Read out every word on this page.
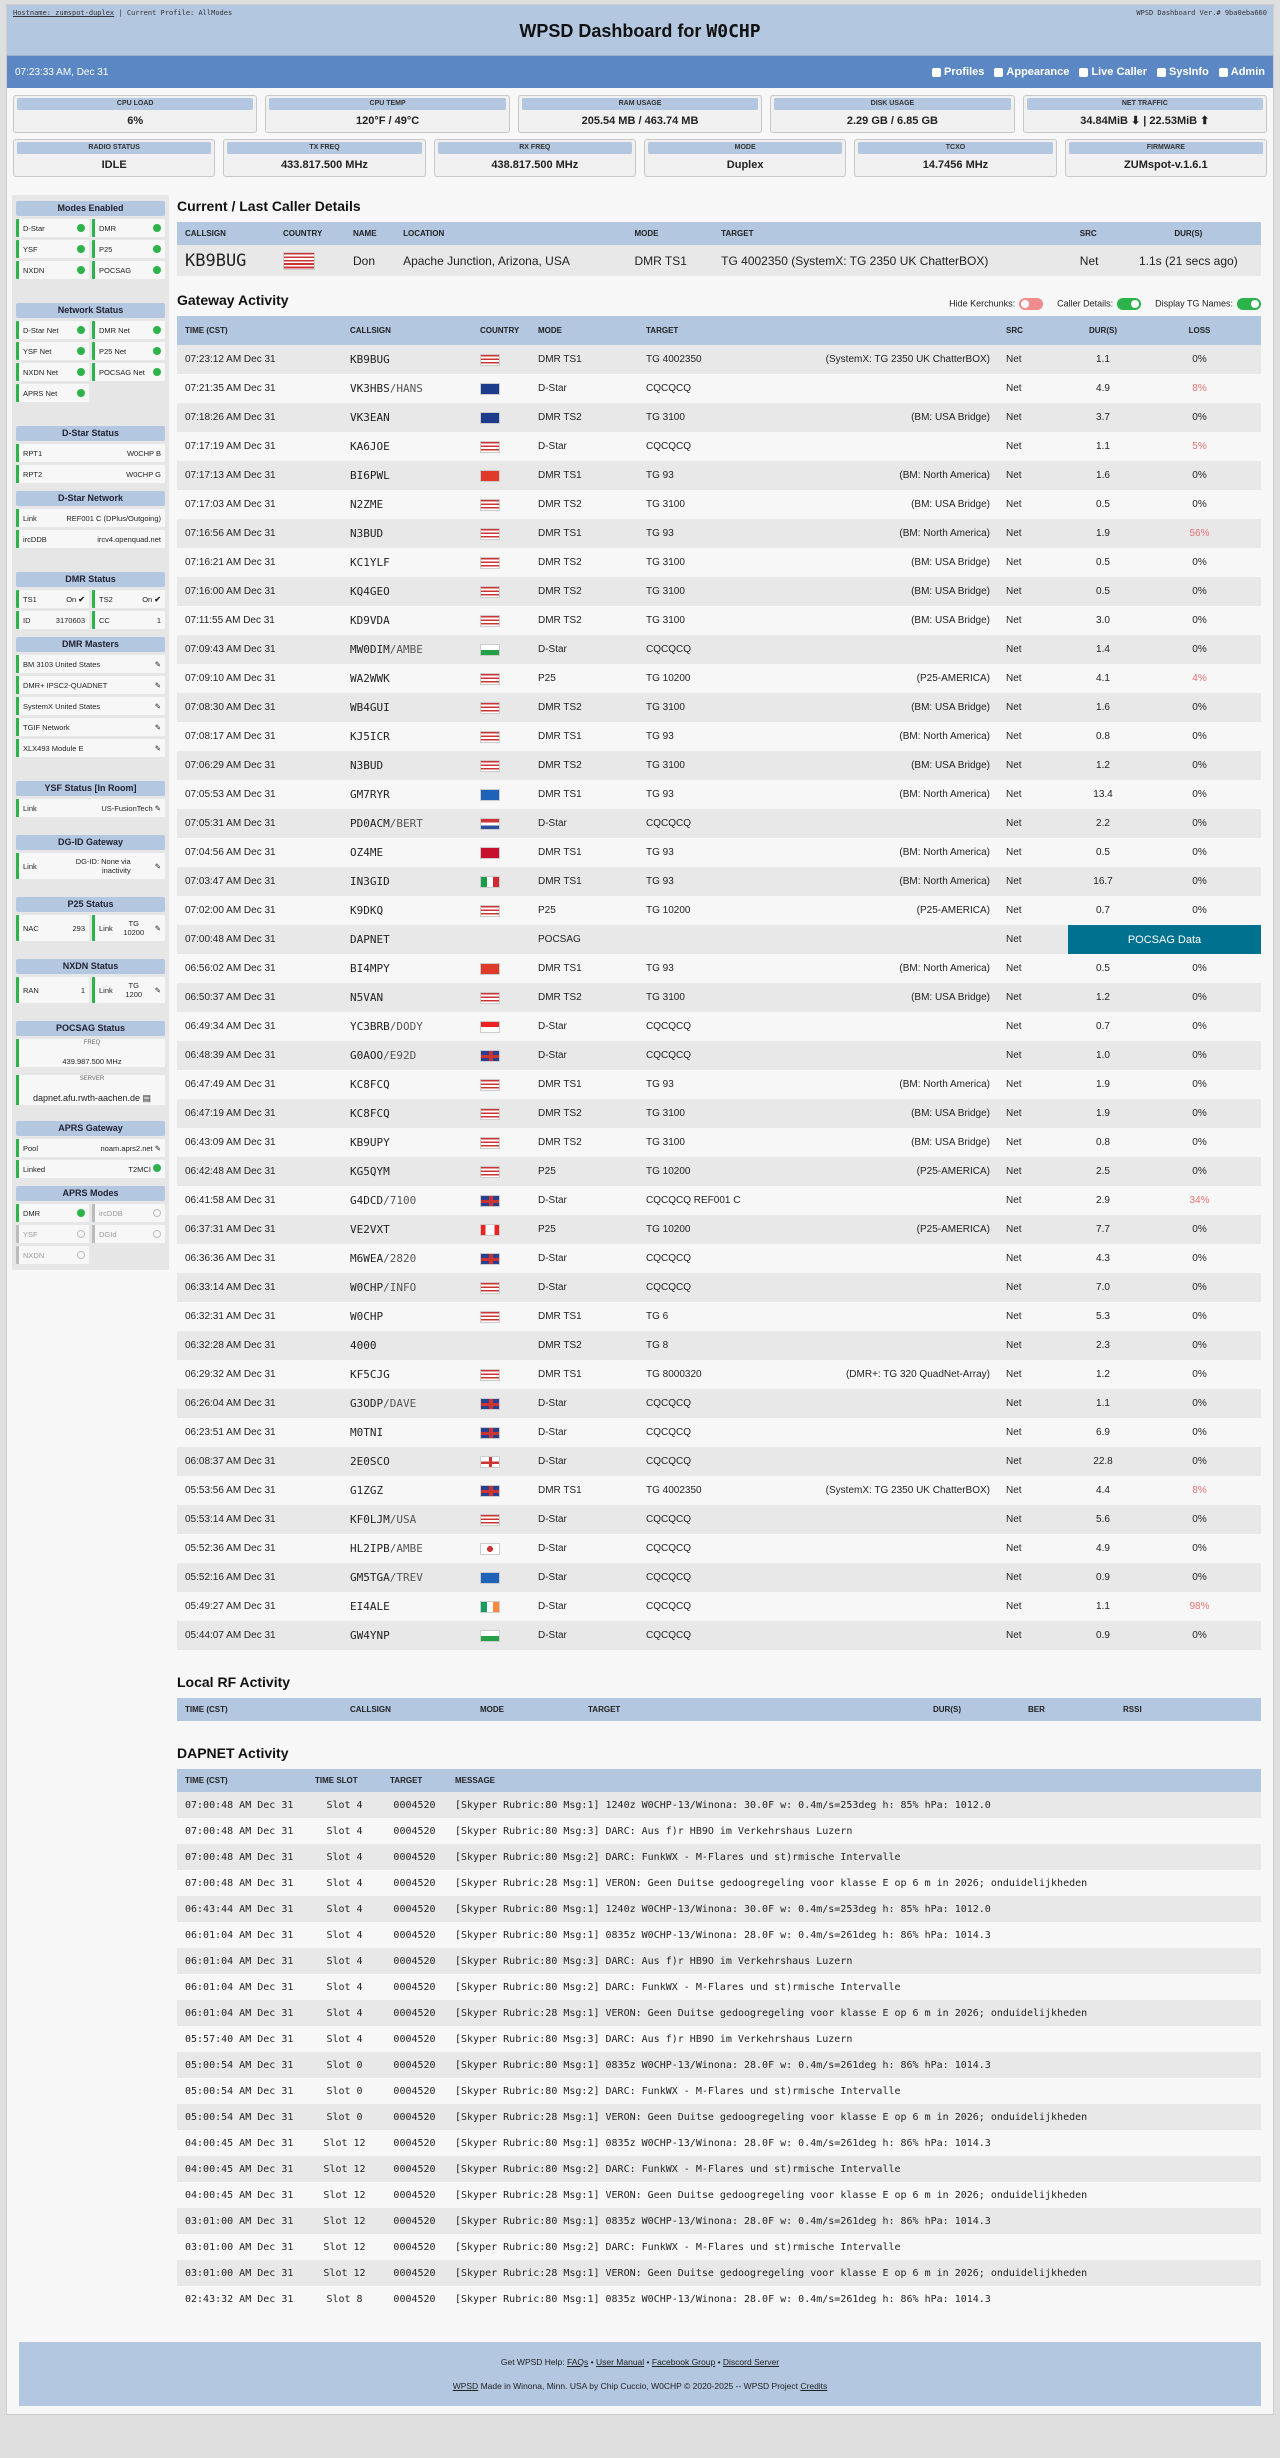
Hostname: zumspot-duplex | Current Profile: AllModes	WPSD Dashboard Ver.# 9ba0eba660
WPSD Dashboard for W0CHP
07:23:33 AM, Dec 31	Profiles Appearance Live Caller SysInfo Admin
CPU LOAD
6%
CPU TEMP
120°F / 49°C
RAM USAGE
205.54 MB / 463.74 MB
DISK USAGE
2.29 GB / 6.85 GB
NET TRAFFIC
34.84MiB ⬇ | 22.53MiB ⬆
RADIO STATUS
IDLE
TX FREQ
433.817.500 MHz
RX FREQ
438.817.500 MHz
MODE
Duplex
TCXO
14.7456 MHz
FIRMWARE
ZUMspot-v.1.6.1
Modes Enabled
D-Star	DMR
YSF	P25
NXDN	POCSAG
Network Status
D-Star Net	DMR Net
YSF Net	P25 Net
NXDN Net	POCSAG Net
APRS Net
D-Star Status
RPT1	W0CHP B
RPT2	W0CHP G
D-Star Network
Link	REF001 C (DPlus/Outgoing)
ircDDB	ircv4.openquad.net
DMR Status
TS1	On ✔ TS2	On ✔
ID	3170603 CC	1
DMR Masters
BM 3103 United States	✎
DMR+ IPSC2-QUADNET	✎
SystemX United States	✎
TGIF Network	✎
XLX493 Module E	✎
YSF Status [In Room]
Link	US-FusionTech ✎
DG-ID Gateway
Link	DG-ID: None via inactivity	✎
P25 Status
NAC	293 Link	TG 10200	✎
NXDN Status
RAN	1 Link	TG 1200	✎
POCSAG Status
FREQ
439.987.500 MHz
SERVER
dapnet.afu.rwth-aachen.de ▤
APRS Gateway
Pool	noam.aprs2.net ✎
Linked	T2MCI
APRS Modes
DMR	ircDDB
YSF	DGId
NXDN
Current / Last Caller Details
CALLSIGN	COUNTRY	NAME	LOCATION	MODE	TARGET	SRC	DUR(S)
KB9BUG		Don	Apache Junction, Arizona, USA	DMR TS1	TG 4002350 (SystemX: TG 2350 UK ChatterBOX)	Net	1.1s (21 secs ago)
Gateway Activity	Hide Kerchunks:	Caller Details:	Display TG Names:
TIME (CST)	CALLSIGN	COUNTRY	MODE	TARGET		SRC	DUR(S)	LOSS
07:23:12 AM Dec 31	KB9BUG		DMR TS1	TG 4002350	(SystemX: TG 2350 UK ChatterBOX)	Net	1.1	0%
07:21:35 AM Dec 31	VK3HBS/HANS		D-Star	CQCQCQ		Net	4.9	8%
07:18:26 AM Dec 31	VK3EAN		DMR TS2	TG 3100	(BM: USA Bridge)	Net	3.7	0%
07:17:19 AM Dec 31	KA6JOE		D-Star	CQCQCQ		Net	1.1	5%
07:17:13 AM Dec 31	BI6PWL		DMR TS1	TG 93	(BM: North America)	Net	1.6	0%
07:17:03 AM Dec 31	N2ZME		DMR TS2	TG 3100	(BM: USA Bridge)	Net	0.5	0%
07:16:56 AM Dec 31	N3BUD		DMR TS1	TG 93	(BM: North America)	Net	1.9	56%
07:16:21 AM Dec 31	KC1YLF		DMR TS2	TG 3100	(BM: USA Bridge)	Net	0.5	0%
07:16:00 AM Dec 31	KQ4GEO		DMR TS2	TG 3100	(BM: USA Bridge)	Net	0.5	0%
07:11:55 AM Dec 31	KD9VDA		DMR TS2	TG 3100	(BM: USA Bridge)	Net	3.0	0%
07:09:43 AM Dec 31	MW0DIM/AMBE		D-Star	CQCQCQ		Net	1.4	0%
07:09:10 AM Dec 31	WA2WWK		P25	TG 10200	(P25-AMERICA)	Net	4.1	4%
07:08:30 AM Dec 31	WB4GUI		DMR TS2	TG 3100	(BM: USA Bridge)	Net	1.6	0%
07:08:17 AM Dec 31	KJ5ICR		DMR TS1	TG 93	(BM: North America)	Net	0.8	0%
07:06:29 AM Dec 31	N3BUD		DMR TS2	TG 3100	(BM: USA Bridge)	Net	1.2	0%
07:05:53 AM Dec 31	GM7RYR		DMR TS1	TG 93	(BM: North America)	Net	13.4	0%
07:05:31 AM Dec 31	PD0ACM/BERT		D-Star	CQCQCQ		Net	2.2	0%
07:04:56 AM Dec 31	OZ4ME		DMR TS1	TG 93	(BM: North America)	Net	0.5	0%
07:03:47 AM Dec 31	IN3GID		DMR TS1	TG 93	(BM: North America)	Net	16.7	0%
07:02:00 AM Dec 31	K9DKQ		P25	TG 10200	(P25-AMERICA)	Net	0.7	0%
07:00:48 AM Dec 31	DAPNET		POCSAG			Net	POCSAG Data	
06:56:02 AM Dec 31	BI4MPY		DMR TS1	TG 93	(BM: North America)	Net	0.5	0%
06:50:37 AM Dec 31	N5VAN		DMR TS2	TG 3100	(BM: USA Bridge)	Net	1.2	0%
06:49:34 AM Dec 31	YC3BRB/DODY		D-Star	CQCQCQ		Net	0.7	0%
06:48:39 AM Dec 31	G0AOO/E92D		D-Star	CQCQCQ		Net	1.0	0%
06:47:49 AM Dec 31	KC8FCQ		DMR TS1	TG 93	(BM: North America)	Net	1.9	0%
06:47:19 AM Dec 31	KC8FCQ		DMR TS2	TG 3100	(BM: USA Bridge)	Net	1.9	0%
06:43:09 AM Dec 31	KB9UPY		DMR TS2	TG 3100	(BM: USA Bridge)	Net	0.8	0%
06:42:48 AM Dec 31	KG5QYM		P25	TG 10200	(P25-AMERICA)	Net	2.5	0%
06:41:58 AM Dec 31	G4DCD/7100		D-Star	CQCQCQ REF001 C		Net	2.9	34%
06:37:31 AM Dec 31	VE2VXT		P25	TG 10200	(P25-AMERICA)	Net	7.7	0%
06:36:36 AM Dec 31	M6WEA/2820		D-Star	CQCQCQ		Net	4.3	0%
06:33:14 AM Dec 31	W0CHP/INFO		D-Star	CQCQCQ		Net	7.0	0%
06:32:31 AM Dec 31	W0CHP		DMR TS1	TG 6		Net	5.3	0%
06:32:28 AM Dec 31	4000		DMR TS2	TG 8		Net	2.3	0%
06:29:32 AM Dec 31	KF5CJG		DMR TS1	TG 8000320	(DMR+: TG 320 QuadNet-Array)	Net	1.2	0%
06:26:04 AM Dec 31	G3ODP/DAVE		D-Star	CQCQCQ		Net	1.1	0%
06:23:51 AM Dec 31	M0TNI		D-Star	CQCQCQ		Net	6.9	0%
06:08:37 AM Dec 31	2E0SCO		D-Star	CQCQCQ		Net	22.8	0%
05:53:56 AM Dec 31	G1ZGZ		DMR TS1	TG 4002350	(SystemX: TG 2350 UK ChatterBOX)	Net	4.4	8%
05:53:14 AM Dec 31	KF0LJM/USA		D-Star	CQCQCQ		Net	5.6	0%
05:52:36 AM Dec 31	HL2IPB/AMBE		D-Star	CQCQCQ		Net	4.9	0%
05:52:16 AM Dec 31	GM5TGA/TREV		D-Star	CQCQCQ		Net	0.9	0%
05:49:27 AM Dec 31	EI4ALE		D-Star	CQCQCQ		Net	1.1	98%
05:44:07 AM Dec 31	GW4YNP		D-Star	CQCQCQ		Net	0.9	0%
Local RF Activity
TIME (CST)	CALLSIGN	MODE	TARGET	DUR(S)	BER	RSSI
DAPNET Activity
TIME (CST)	TIME SLOT	TARGET	MESSAGE
07:00:48 AM Dec 31	Slot 4	0004520	[Skyper Rubric:80 Msg:1] 1240z W0CHP-13/Winona: 30.0F w: 0.4m/s=253deg h: 85% hPa: 1012.0
07:00:48 AM Dec 31	Slot 4	0004520	[Skyper Rubric:80 Msg:3] DARC: Aus f)r HB9O im Verkehrshaus Luzern
07:00:48 AM Dec 31	Slot 4	0004520	[Skyper Rubric:80 Msg:2] DARC: FunkWX - M-Flares und st)rmische Intervalle
07:00:48 AM Dec 31	Slot 4	0004520	[Skyper Rubric:28 Msg:1] VERON: Geen Duitse gedoogregeling voor klasse E op 6 m in 2026; onduidelijkheden
06:43:44 AM Dec 31	Slot 4	0004520	[Skyper Rubric:80 Msg:1] 1240z W0CHP-13/Winona: 30.0F w: 0.4m/s=253deg h: 85% hPa: 1012.0
06:01:04 AM Dec 31	Slot 4	0004520	[Skyper Rubric:80 Msg:1] 0835z W0CHP-13/Winona: 28.0F w: 0.4m/s=261deg h: 86% hPa: 1014.3
06:01:04 AM Dec 31	Slot 4	0004520	[Skyper Rubric:80 Msg:3] DARC: Aus f)r HB9O im Verkehrshaus Luzern
06:01:04 AM Dec 31	Slot 4	0004520	[Skyper Rubric:80 Msg:2] DARC: FunkWX - M-Flares und st)rmische Intervalle
06:01:04 AM Dec 31	Slot 4	0004520	[Skyper Rubric:28 Msg:1] VERON: Geen Duitse gedoogregeling voor klasse E op 6 m in 2026; onduidelijkheden
05:57:40 AM Dec 31	Slot 4	0004520	[Skyper Rubric:80 Msg:3] DARC: Aus f)r HB9O im Verkehrshaus Luzern
05:00:54 AM Dec 31	Slot 0	0004520	[Skyper Rubric:80 Msg:1] 0835z W0CHP-13/Winona: 28.0F w: 0.4m/s=261deg h: 86% hPa: 1014.3
05:00:54 AM Dec 31	Slot 0	0004520	[Skyper Rubric:80 Msg:2] DARC: FunkWX - M-Flares und st)rmische Intervalle
05:00:54 AM Dec 31	Slot 0	0004520	[Skyper Rubric:28 Msg:1] VERON: Geen Duitse gedoogregeling voor klasse E op 6 m in 2026; onduidelijkheden
04:00:45 AM Dec 31	Slot 12	0004520	[Skyper Rubric:80 Msg:1] 0835z W0CHP-13/Winona: 28.0F w: 0.4m/s=261deg h: 86% hPa: 1014.3
04:00:45 AM Dec 31	Slot 12	0004520	[Skyper Rubric:80 Msg:2] DARC: FunkWX - M-Flares und st)rmische Intervalle
04:00:45 AM Dec 31	Slot 12	0004520	[Skyper Rubric:28 Msg:1] VERON: Geen Duitse gedoogregeling voor klasse E op 6 m in 2026; onduidelijkheden
03:01:00 AM Dec 31	Slot 12	0004520	[Skyper Rubric:80 Msg:1] 0835z W0CHP-13/Winona: 28.0F w: 0.4m/s=261deg h: 86% hPa: 1014.3
03:01:00 AM Dec 31	Slot 12	0004520	[Skyper Rubric:80 Msg:2] DARC: FunkWX - M-Flares und st)rmische Intervalle
03:01:00 AM Dec 31	Slot 12	0004520	[Skyper Rubric:28 Msg:1] VERON: Geen Duitse gedoogregeling voor klasse E op 6 m in 2026; onduidelijkheden
02:43:32 AM Dec 31	Slot 8	0004520	[Skyper Rubric:80 Msg:1] 0835z W0CHP-13/Winona: 28.0F w: 0.4m/s=261deg h: 86% hPa: 1014.3
Get WPSD Help: FAQs • User Manual • Facebook Group • Discord Server
WPSD Made in Winona, Minn. USA by Chip Cuccio, W0CHP © 2020-2025 -- WPSD Project Credits
